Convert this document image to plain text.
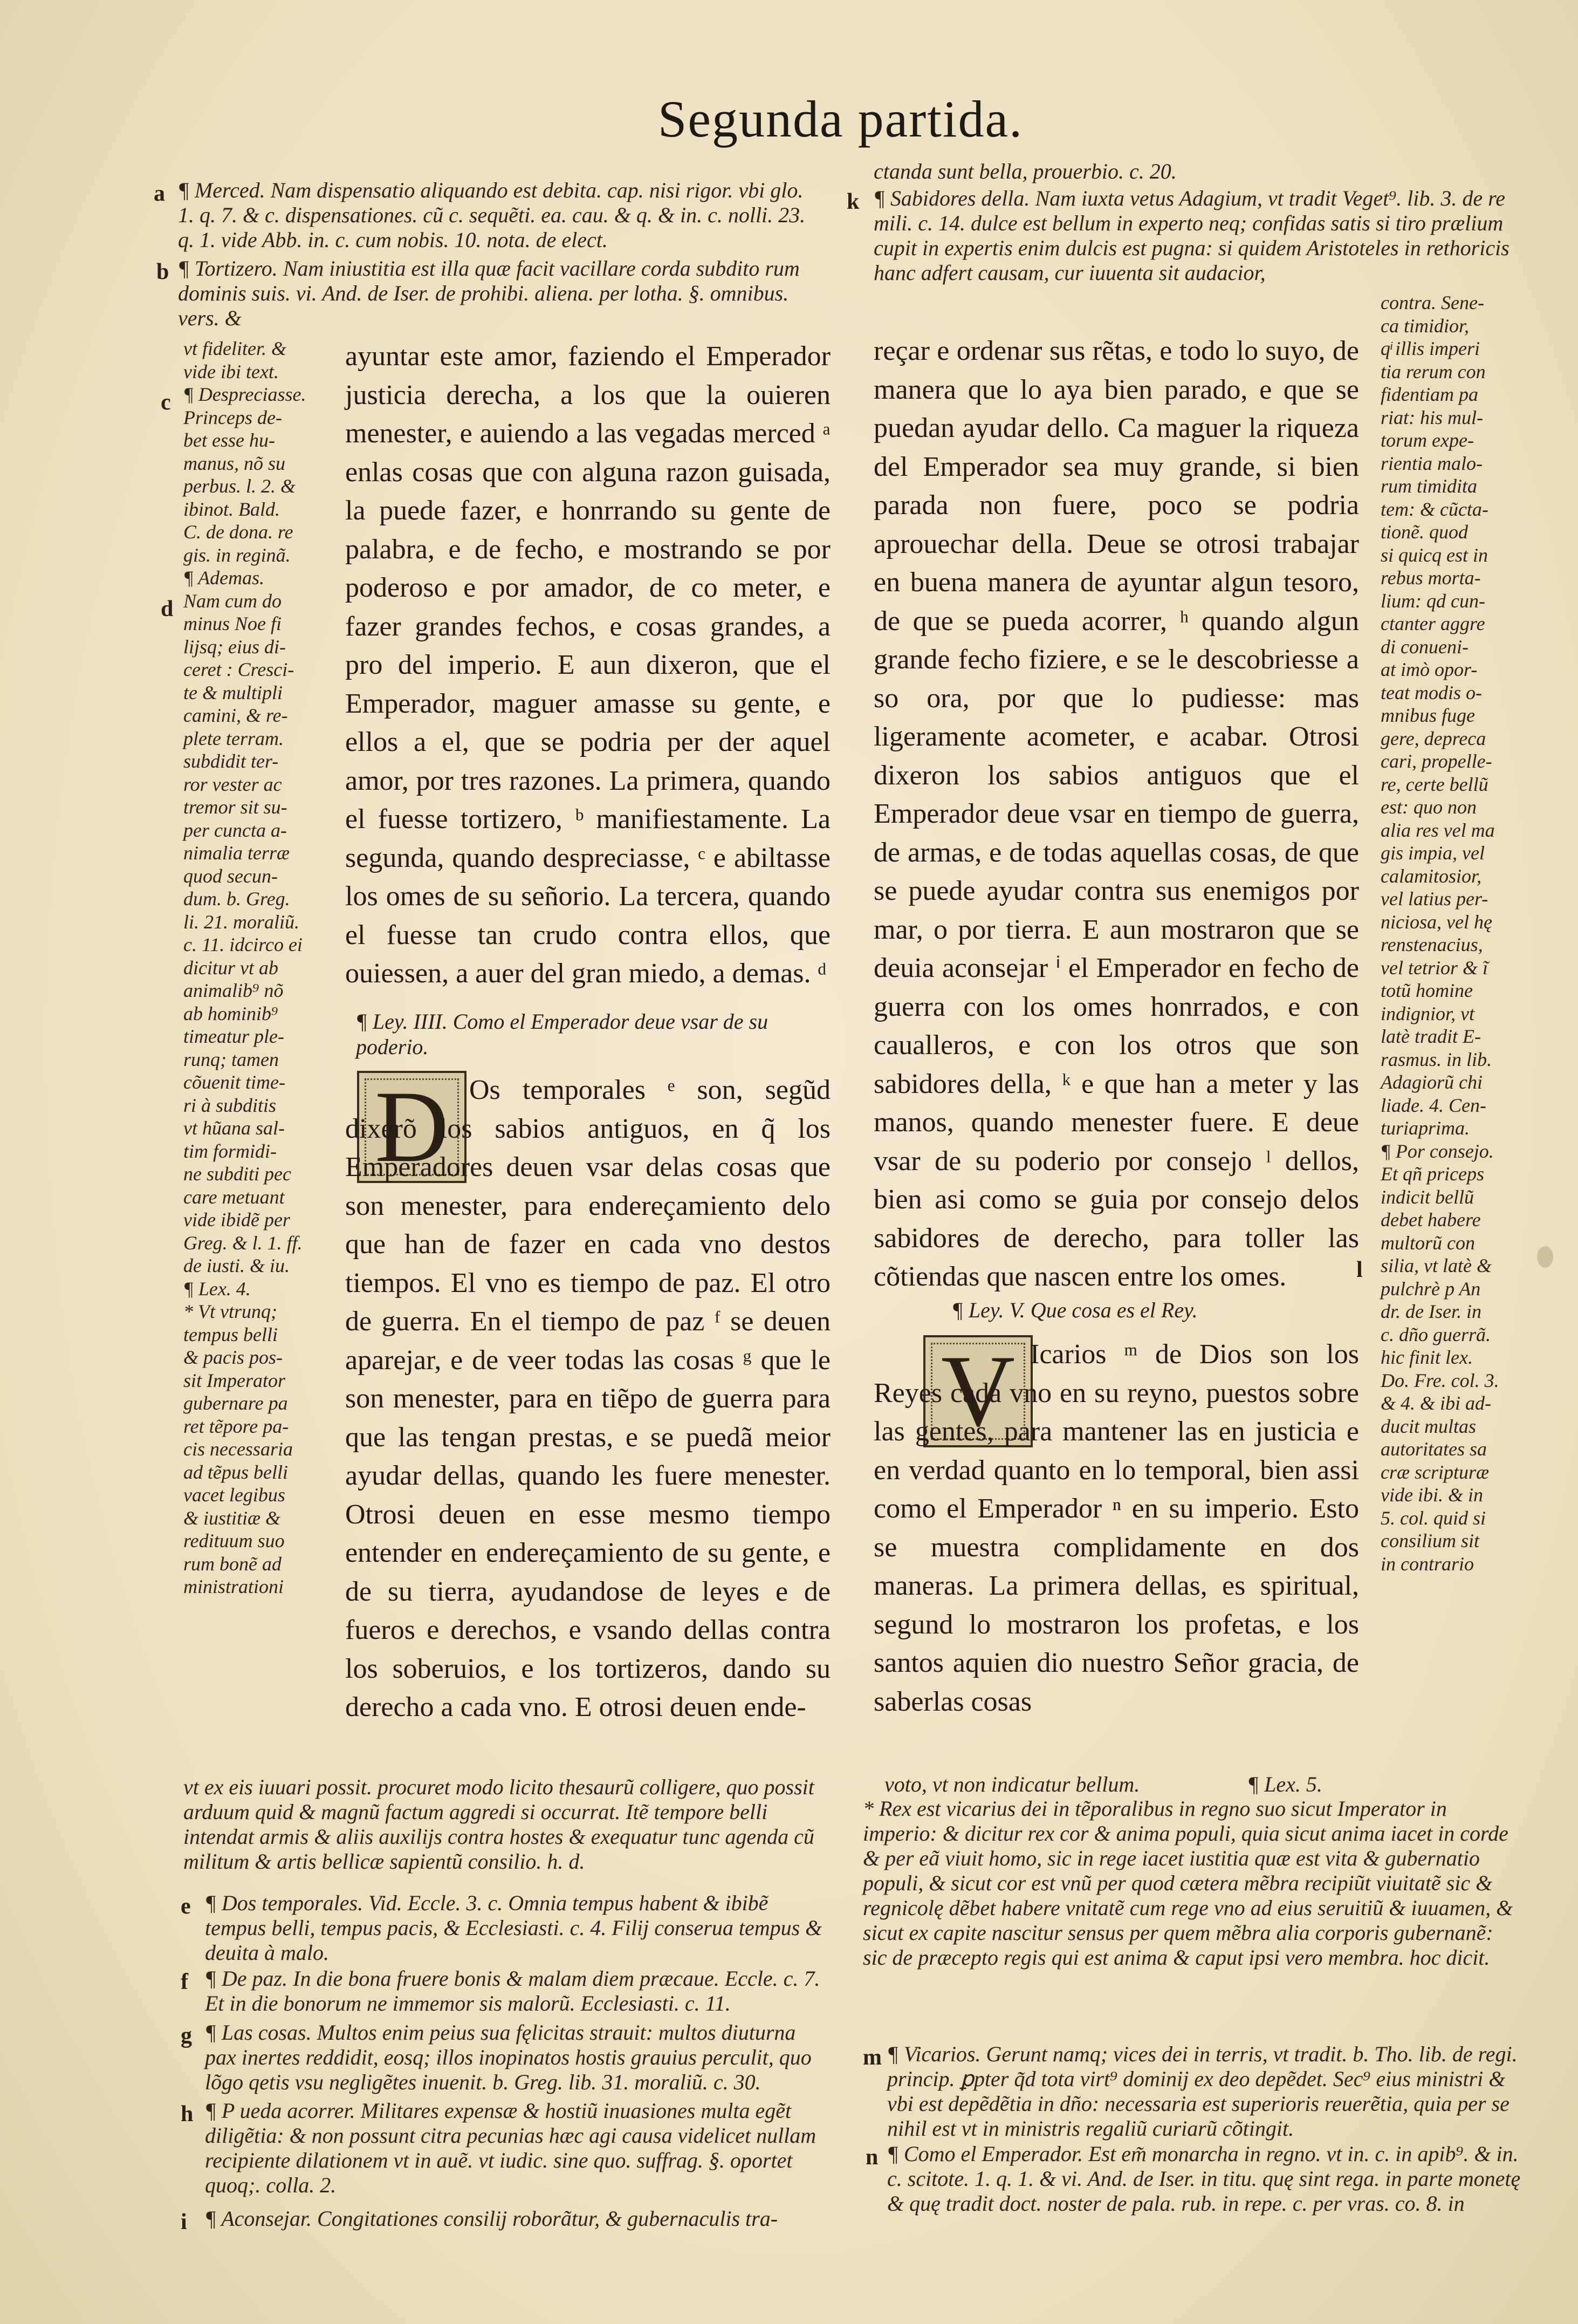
Segunda partida.
a ¶ Merced. Nam dispensatio aliquando est debita. cap. nisi rigor. vbi glo. 1. q. 7. & c. dispensationes. cũ c. sequẽti. ea. cau. & q. & in. c. nolli. 23. q. 1. vide Abb. in. c. cum nobis. 10. nota. de elect.
b ¶ Tortizero. Nam iniustitia est illa quæ facit vacillare corda subdito rum dominis suis. vi. And. de Iser. de prohibi. aliena. per lotha. §. omnibus. vers. &
ctanda sunt bella, prouerbio. c. 20.
k ¶ Sabidores della. Nam iuxta vetus Adagium, vt tradit Veget⁹. lib. 3. de re mili. c. 14. dulce est bellum in experto neq; confidas satis si tiro prælium cupit in expertis enim dulcis est pugna: si quidem Aristoteles in rethoricis hanc adfert causam, cur iuuenta sit audacior,
c
d
vt fideliter. &
vide ibi text.
¶ Despreciasse.
Princeps de-
bet esse hu-
manus, nõ su
perbus. l. 2. &
ibinot. Bald.
C. de dona. re
gis. in reginã.
¶ Ademas.
Nam cum do
minus Noe fi
lijsq; eius di-
ceret : Cresci-
te & multipli
camini, & re-
plete terram.
subdidit ter-
ror vester ac
tremor sit su-
per cuncta a-
nimalia terræ
quod secun-
dum. b. Greg.
li. 21. moraliũ.
c. 11. idcirco ei
dicitur vt ab
animalib⁹ nõ
ab hominib⁹
timeatur ple-
runq; tamen
cõuenit time-
ri à subditis
vt hũana sal-
tim formidi-
ne subditi pec
care metuant
vide ibidẽ per
Greg. & l. 1. ff.
de iusti. & iu.
¶ Lex. 4.
* Vt vtrunq;
tempus belli
& pacis pos-
sit Imperator
gubernare pa
ret tẽpore pa-
cis necessaria
ad tẽpus belli
vacet legibus
& iustitiæ &
redituum suo
rum bonẽ ad
ministrationi
contra. Sene-
ca timidior,
qͥ illis imperi
tia rerum con
fidentiam pa
riat: his mul-
torum expe-
rientia malo-
rum timidita
tem: & cũcta-
tionẽ. quod
si quicq est in
rebus morta-
lium: qd cun-
ctanter aggre
di conueni-
at imò opor-
teat modis o-
mnibus fuge
gere, depreca
cari, propelle-
re, certe bellũ
est: quo non
alia res vel ma
gis impia, vel
calamitosior,
vel latius per-
niciosa, vel hę
renstenacius,
vel tetrior & ĩ
totũ homine
indignior, vt
latè tradit E-
rasmus. in lib.
Adagiorũ chi
liade. 4. Cen-
turiaprima.
¶ Por consejo.
Et qñ priceps
indicit bellũ
debet habere
multorũ con
silia, vt latè &
pulchrè p An
dr. de Iser. in
c. dño guerrã.
hic finit lex.
Do. Fre. col. 3.
& 4. & ibi ad-
ducit multas
autoritates sa
cræ scripturæ
vide ibi. & in
5. col. quid si
consilium sit
in contrario
l

ayuntar este amor, faziendo el Emperador justicia derecha, a los que la ouieren menester, e auiendo a las vegadas merced ᵃ enlas cosas que con alguna razon guisada, la puede fazer, e honrrando su gente de palabra, e de fecho, e mostrando se por poderoso e por amador, de co meter, e fazer grandes fechos, e cosas grandes, a pro del imperio. E aun dixeron, que el Emperador, maguer amasse su gente, e ellos a el, que se podria per der aquel amor, por tres razones. La primera, quando el fuesse tortizero, ᵇ manifiestamente. La segunda, quando despreciasse, ᶜ e abiltasse los omes de su señorio. La tercera, quando el fuesse tan crudo contra ellos, que ouiessen, a auer del gran miedo, a demas. ᵈ

¶ Ley. IIII. Como el Emperador deue vsar de su poderio.
D Os temporales ᵉ son, segũd dixerõ los sabios antiguos, en q̃ los Emperadores deuen vsar delas cosas que son menester, para endereçamiento delo que han de fazer en cada vno destos tiempos. El vno es tiempo de paz. El otro de guerra. En el tiempo de paz ᶠ se deuen aparejar, e de veer todas las cosas ᵍ que le son menester, para en tiẽpo de guerra para que las tengan prestas, e se puedã meior ayudar dellas, quando les fuere menester. Otrosi deuen en esse mesmo tiempo entender en endereçamiento de su gente, e de su tierra, ayudandose de leyes e de fueros e derechos, e vsando dellas contra los soberuios, e los tortizeros, dando su derecho a cada vno. E otrosi deuen ende-

reçar e ordenar sus rẽtas, e todo lo suyo, de manera que lo aya bien parado, e que se puedan ayudar dello. Ca maguer la riqueza del Emperador sea muy grande, si bien parada non fuere, poco se podria aprouechar della. Deue se otrosi trabajar en buena manera de ayuntar algun tesoro, de que se pueda acorrer, ʰ quando algun grande fecho fiziere, e se le descobriesse a so ora, por que lo pudiesse: mas ligeramente acometer, e acabar. Otrosi dixeron los sabios antiguos que el Emperador deue vsar en tiempo de guerra, de armas, e de todas aquellas cosas, de que se puede ayudar contra sus enemigos por mar, o por tierra. E aun mostraron que se deuia aconsejar ⁱ el Emperador en fecho de guerra con los omes honrrados, e con caualleros, e con los otros que son sabidores della, ᵏ e que han a meter y las manos, quando menester fuere. E deue vsar de su poderio por consejo ˡ dellos, bien asi como se guia por consejo delos sabidores de derecho, para toller las cõtiendas que nascen entre los omes.

¶ Ley. V. Que cosa es el Rey.
V Icarios ᵐ de Dios son los Reyes cada vno en su reyno, puestos sobre las gentes, para mantener las en justicia e en verdad quanto en lo temporal, bien assi como el Emperador ⁿ en su imperio. Esto se muestra complidamente en dos maneras. La primera dellas, es spiritual, segund lo mostraron los profetas, e los santos aquien dio nuestro Señor gracia, de saberlas cosas

vt ex eis iuuari possit. procuret modo licito thesaurũ colligere, quo possit arduum quid & magnũ factum aggredi si occurrat. Itẽ tempore belli intendat armis & aliis auxilijs contra hostes & exequatur tunc agenda cũ militum & artis bellicæ sapientũ consilio. h. d.
e ¶ Dos temporales. Vid. Eccle. 3. c. Omnia tempus habent & ibibẽ tempus belli, tempus pacis, & Ecclesiasti. c. 4. Filij conserua tempus & deuita à malo.
f ¶ De paz. In die bona fruere bonis & malam diem præcaue. Eccle. c. 7. Et in die bonorum ne immemor sis malorũ. Ecclesiasti. c. 11.
g ¶ Las cosas. Multos enim peius sua fęlicitas strauit: multos diuturna pax inertes reddidit, eosq; illos inopinatos hostis grauius perculit, quo lõgo qetis vsu negligẽtes inuenit. b. Greg. lib. 31. moraliũ. c. 30.
h ¶ P ueda acorrer. Militares expensæ & hostiũ inuasiones multa egẽt diligẽtia: & non possunt citra pecunias hæc agi causa videlicet nullam recipiente dilationem vt in auẽ. vt iudic. sine quo. suffrag. §. oportet quoq;. colla. 2.
i ¶ Aconsejar. Congitationes consilij roborãtur, & gubernaculis tra-
voto, vt non indicatur bellum.                    ¶ Lex. 5.
* Rex est vicarius dei in tẽporalibus in regno suo sicut Imperator in imperio: & dicitur rex cor & anima populi, quia sicut anima iacet in corde & per eã viuit homo, sic in rege iacet iustitia quæ est vita & gubernatio populi, & sicut cor est vnũ per quod cætera mẽbra recipiũt viuitatẽ sic & regnicolę dẽbet habere vnitatẽ cum rege vno ad eius seruitiũ & iuuamen, & sicut ex capite nascitur sensus per quem mẽbra alia corporis gubernanẽ: sic de præcepto regis qui est anima & caput ipsi vero membra. hoc dicit.
m ¶ Vicarios. Gerunt namq; vices dei in terris, vt tradit. b. Tho. lib. de regi. princip. ꝑpter q̃d tota virt⁹ dominij ex deo depẽdet. Sec⁹ eius ministri & vbi est depẽdẽtia in dño: necessaria est superioris reuerẽtia, quia per se nihil est vt in ministris regaliũ curiarũ cõtingit.
n ¶ Como el Emperador. Est em̃ monarcha in regno. vt in. c. in apib⁹. & in. c. scitote. 1. q. 1. & vi. And. de Iser. in titu. quę sint rega. in parte monetę & quę tradit doct. noster de pala. rub. in repe. c. per vras. co. 8. in
